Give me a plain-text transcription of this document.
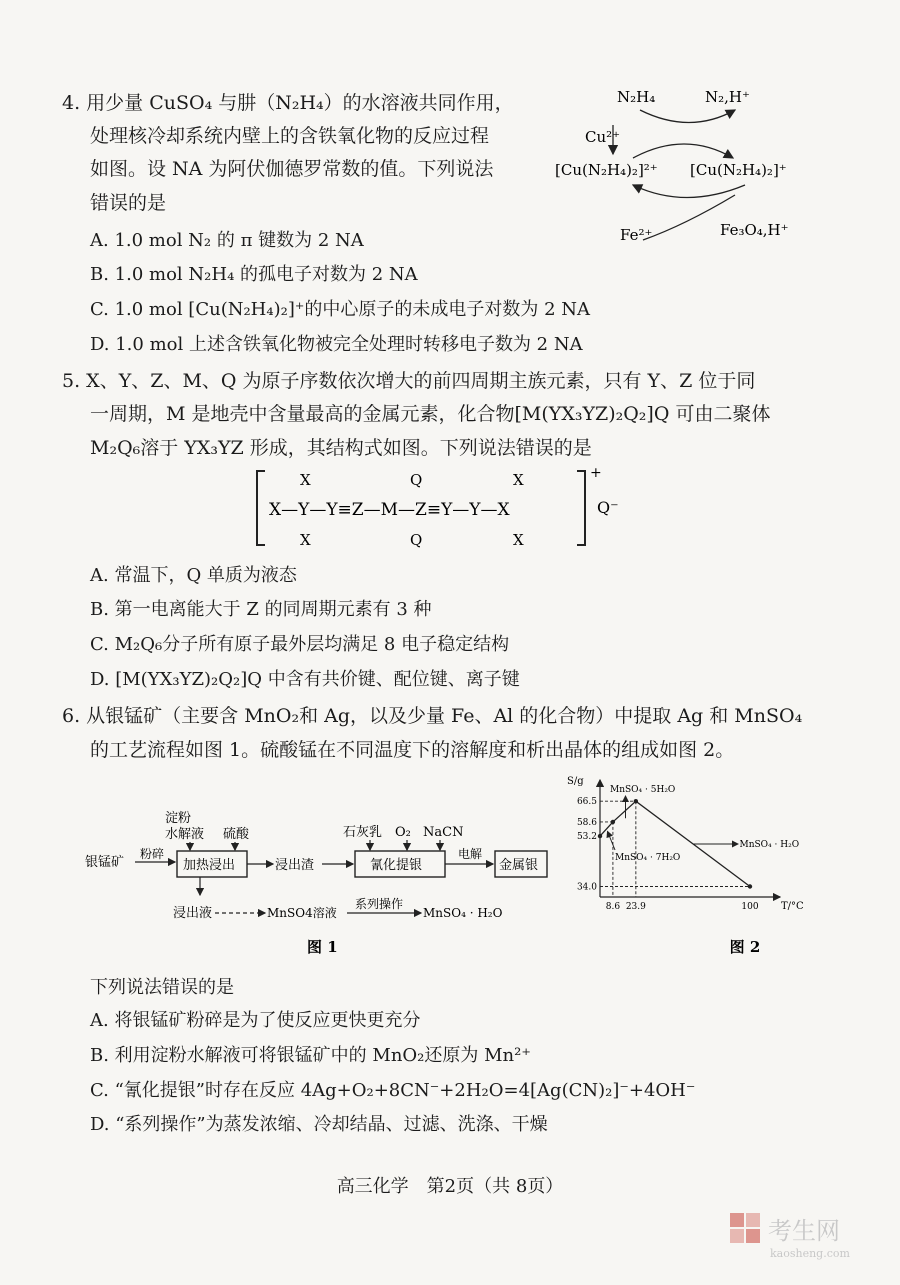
4. 用少量 CuSO₄ 与肼（N₂H₄）的水溶液共同作用，
处理核冷却系统内壁上的含铁氧化物的反应过程
如图。设 NA 为阿伏伽德罗常数的值。下列说法
错误的是
A. 1.0 mol N₂ 的 π 键数为 2 NA
B. 1.0 mol N₂H₄ 的孤电子对数为 2 NA
C. 1.0 mol [Cu(N₂H₄)₂]⁺的中心原子的未成电子对数为 2 NA
D. 1.0 mol 上述含铁氧化物被完全处理时转移电子数为 2 NA
N₂H₄	N₂,H⁺
Cu²⁺
[Cu(N₂H₄)₂]²⁺ [Cu(N₂H₄)₂]⁺
Fe²⁺	Fe₃O₄,H⁺
5. X、Y、Z、M、Q 为原子序数依次增大的前四周期主族元素，只有 Y、Z 位于同
一周期，M 是地壳中含量最高的金属元素，化合物[M(YX₃YZ)₂Q₂]Q 可由二聚体
M₂Q₆溶于 YX₃YZ 形成，其结构式如图。下列说法错误的是
X	Q	X
X—Y—Y≡Z—M—Z≡Y—Y—X
X	Q	X
+
Q⁻
A. 常温下，Q 单质为液态
B. 第一电离能大于 Z 的同周期元素有 3 种
C. M₂Q₆分子所有原子最外层均满足 8 电子稳定结构
D. [M(YX₃YZ)₂Q₂]Q 中含有共价键、配位键、离子键
6. 从银锰矿（主要含 MnO₂和 Ag，以及少量 Fe、Al 的化合物）中提取 Ag 和 MnSO₄
的工艺流程如图 1。硫酸锰在不同温度下的溶解度和析出晶体的组成如图 2。
银锰矿
粉碎
淀粉
水解液 硫酸
加热浸出	浸出渣
石灰乳 O₂ NaCN
氰化提银
电解
金属银
浸出液	MnSO4溶液
系列操作
MnSO₄ · H₂O
图 1
S/g
T/°C
66.5
58.6
53.2
34.0
8.6 23.9	100
MnSO₄ · 5H₂O
MnSO₄ · 7H₂O
MnSO₄ · H₂O
图 2
下列说法错误的是
A. 将银锰矿粉碎是为了使反应更快更充分
B. 利用淀粉水解液可将银锰矿中的 MnO₂还原为 Mn²⁺
C. “氰化提银”时存在反应 4Ag+O₂+8CN⁻+2H₂O=4[Ag(CN)₂]⁻+4OH⁻
D. “系列操作”为蒸发浓缩、冷却结晶、过滤、洗涤、干燥
高三化学　第2页（共 8页）
考生网
kaosheng.com
